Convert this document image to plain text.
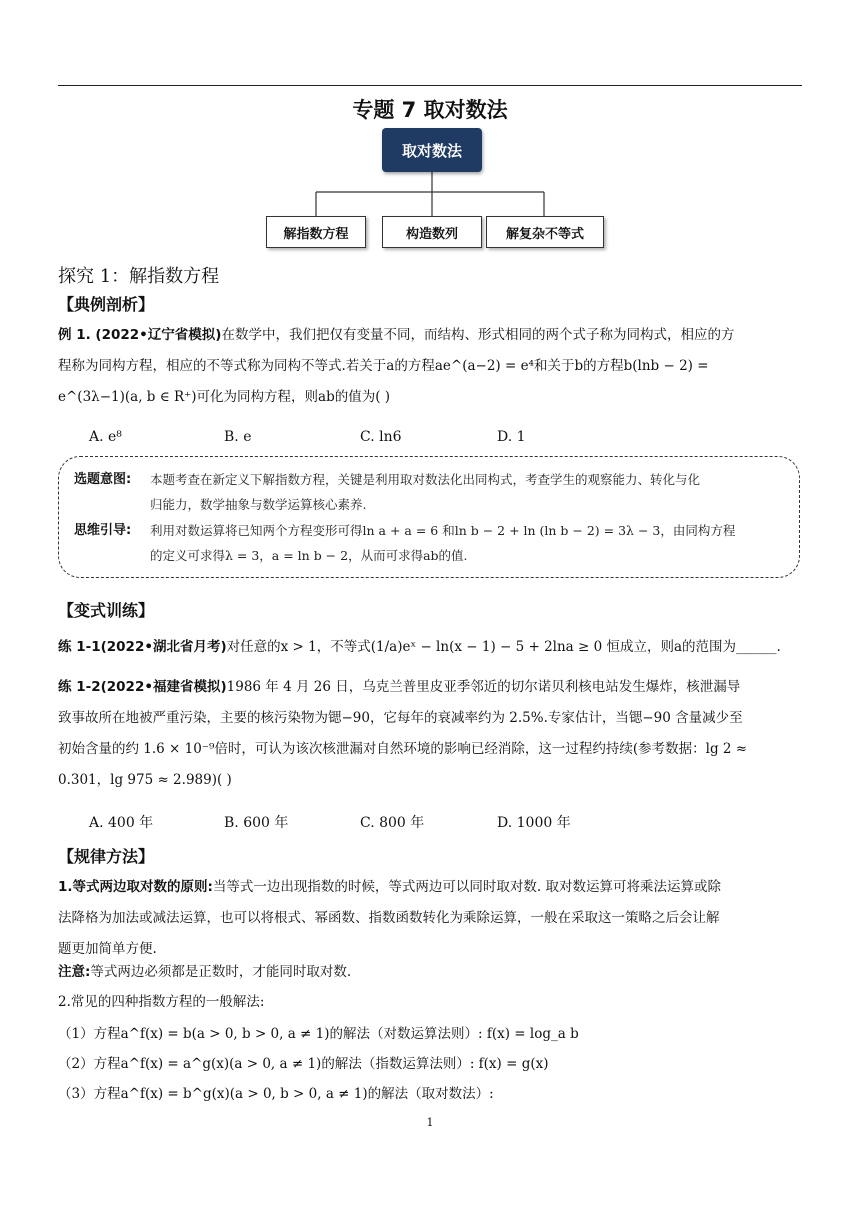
专题 7 取对数法
取对数法
解指数方程	构造数列	解复杂不等式
探究 1：解指数方程
【典例剖析】
例 1. (2022•辽宁省模拟)在数学中，我们把仅有变量不同，而结构、形式相同的两个式子称为同构式，相应的方
程称为同构方程，相应的不等式称为同构不等式.若关于a的方程ae^(a−2) = e⁴和关于b的方程b(lnb − 2) =
e^(3λ−1)(a, b ∈ R⁺)可化为同构方程，则ab的值为( )
A. e⁸	B. e	C. ln6	D. 1
选题意图: 本题考查在新定义下解指数方程，关键是利用取对数法化出同构式，考查学生的观察能力、转化与化
归能力，数学抽象与数学运算核心素养.
思维引导: 利用对数运算将已知两个方程变形可得ln a + a = 6 和ln b − 2 + ln (ln b − 2) = 3λ − 3，由同构方程
的定义可求得λ = 3，a = ln b − 2，从而可求得ab的值.
【变式训练】
练 1-1(2022•湖北省月考)对任意的x > 1，不等式(1/a)eˣ − ln(x − 1) − 5 + 2lna ≥ 0 恒成立，则a的范围为______.
练 1-2(2022•福建省模拟)1986 年 4 月 26 日，乌克兰普里皮亚季邻近的切尔诺贝利核电站发生爆炸，核泄漏导
致事故所在地被严重污染，主要的核污染物为锶−90，它每年的衰减率约为 2.5%.专家估计，当锶−90 含量减少至
初始含量的约 1.6 × 10⁻⁹倍时，可认为该次核泄漏对自然环境的影响已经消除，这一过程约持续(参考数据：lg 2 ≈
0.301，lg 975 ≈ 2.989)( )
A. 400 年	B. 600 年	C. 800 年	D. 1000 年
【规律方法】
1.等式两边取对数的原则:当等式一边出现指数的时候，等式两边可以同时取对数. 取对数运算可将乘法运算或除
法降格为加法或减法运算，也可以将根式、幂函数、指数函数转化为乘除运算，一般在采取这一策略之后会让解
题更加简单方便.
注意:等式两边必须都是正数时，才能同时取对数.
2.常见的四种指数方程的一般解法:
（1）方程a^f(x) = b(a > 0, b > 0, a ≠ 1)的解法（对数运算法则）: f(x) = log_a b
（2）方程a^f(x) = a^g(x)(a > 0, a ≠ 1)的解法（指数运算法则）: f(x) = g(x)
（3）方程a^f(x) = b^g(x)(a > 0, b > 0, a ≠ 1)的解法（取对数法）:
1
